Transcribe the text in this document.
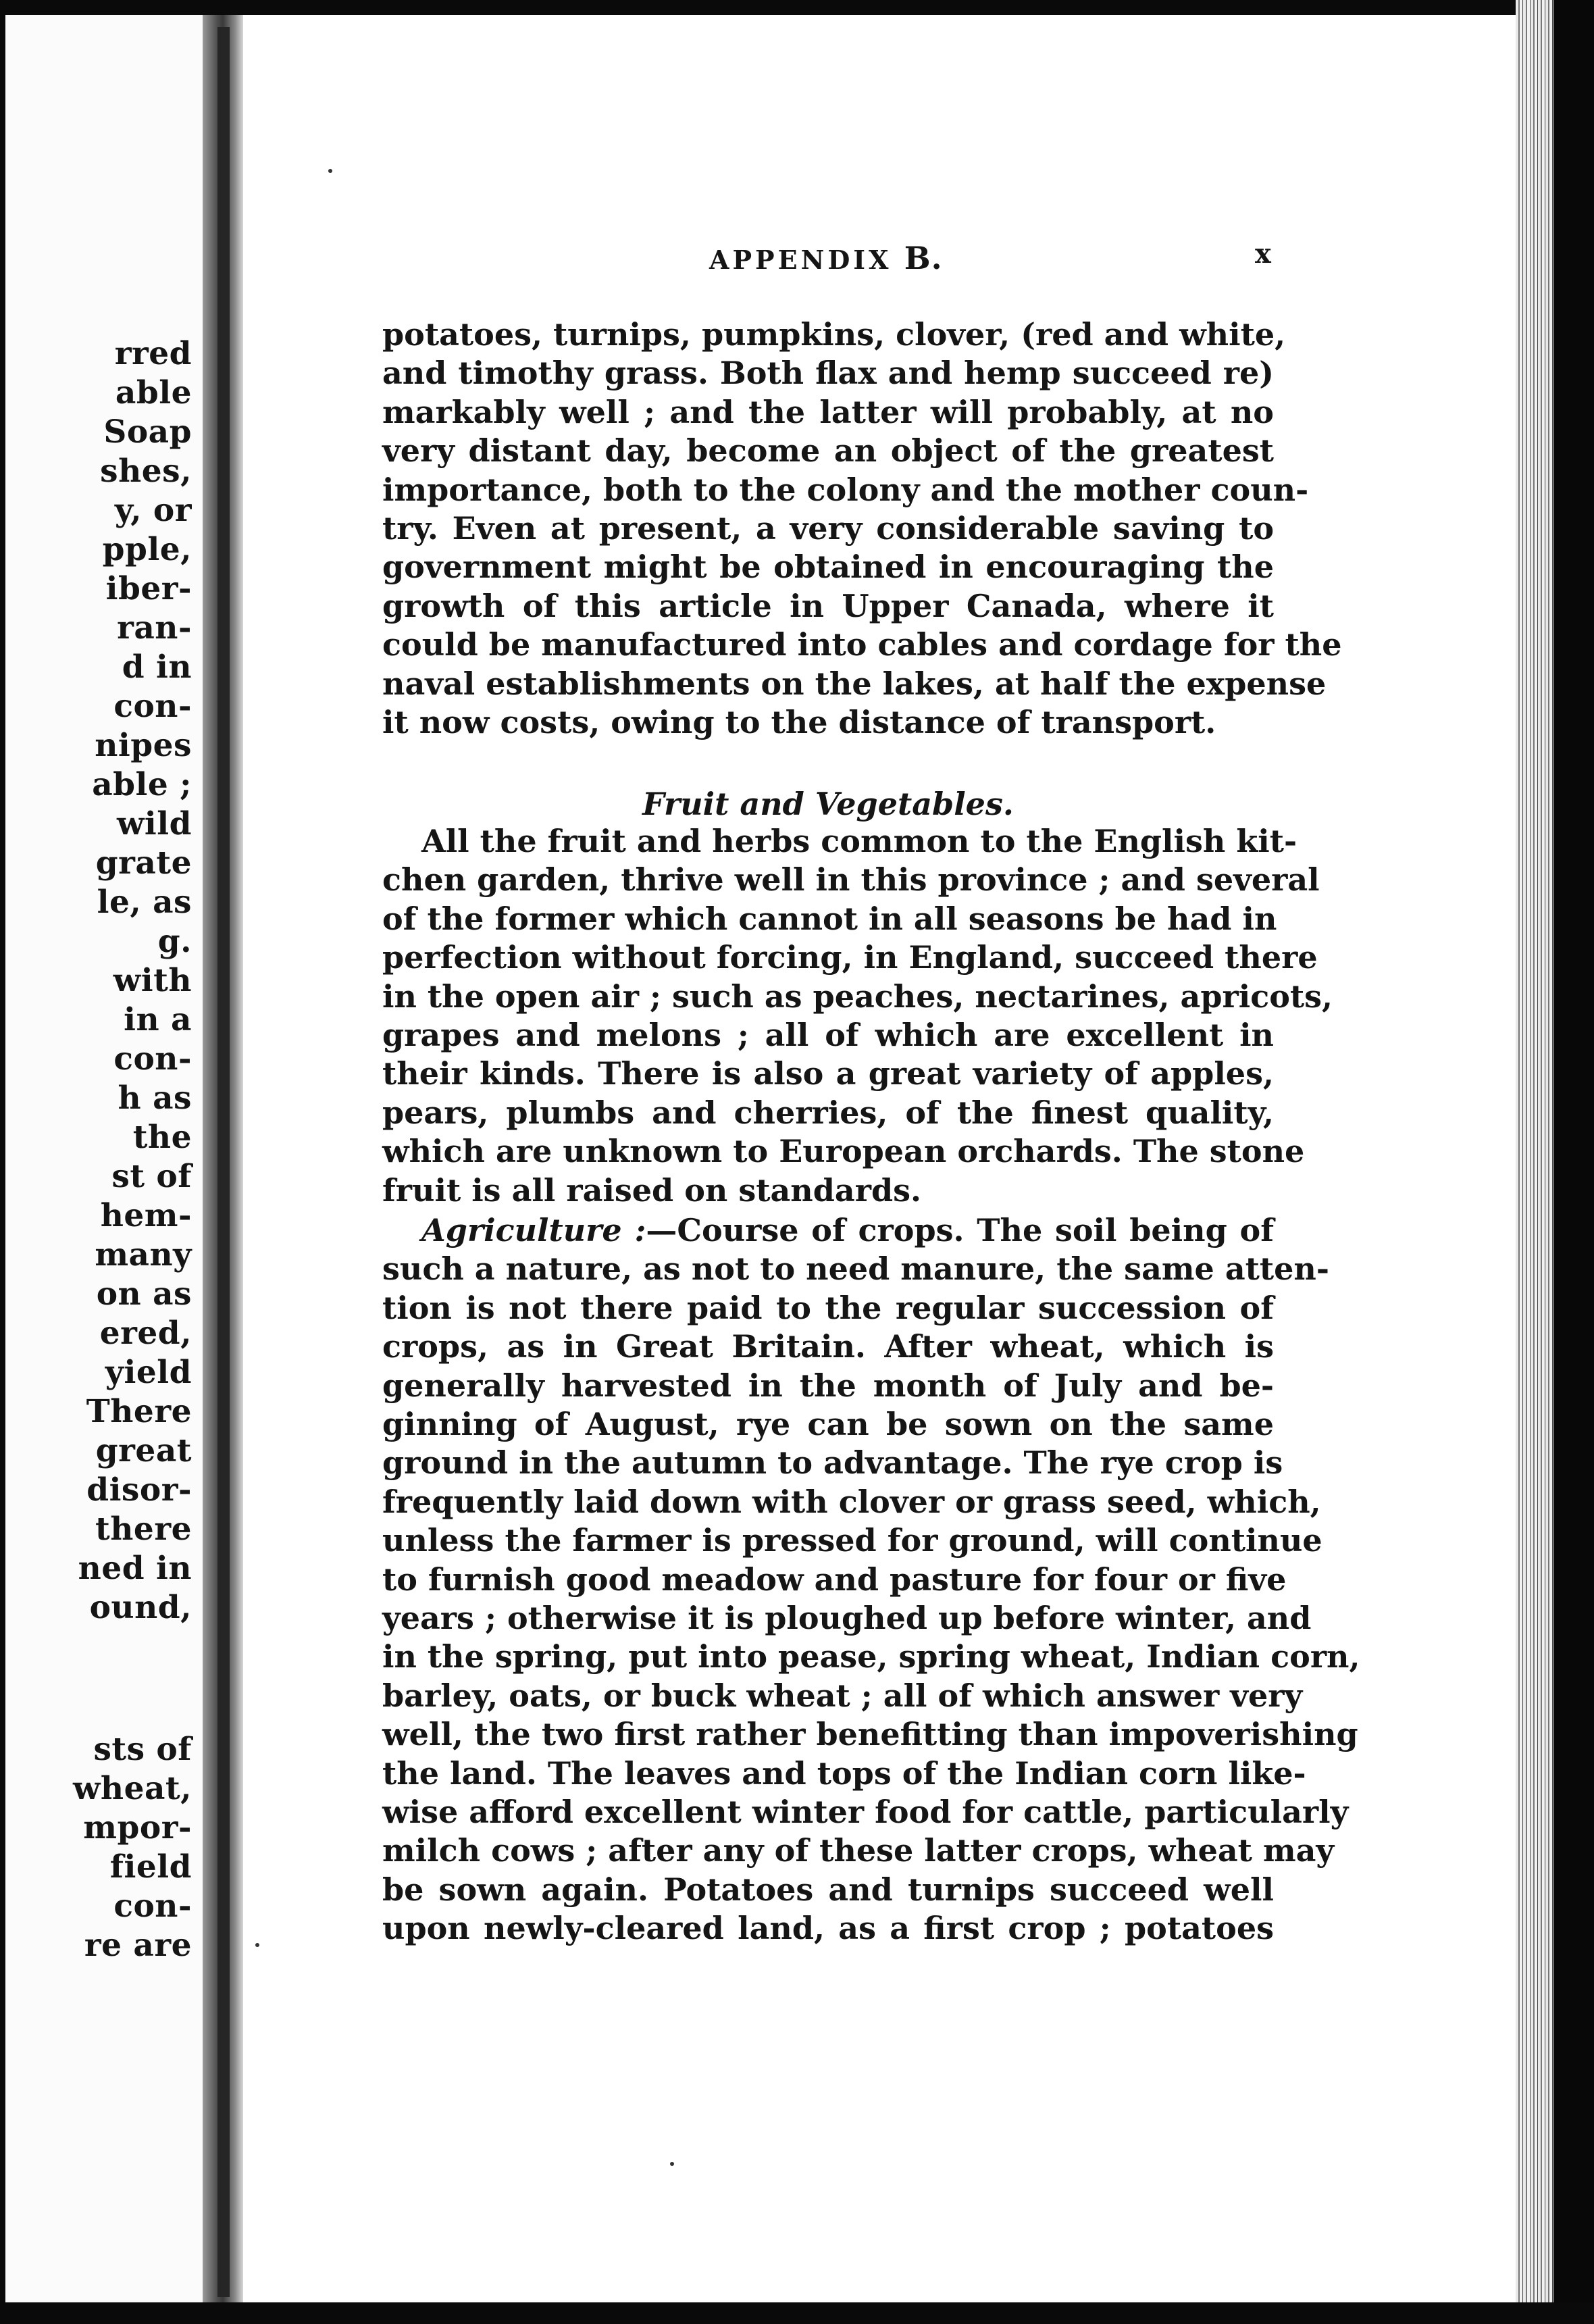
rred

able

Soap

shes,

y, or

pple,

iber-

ran-

d in

con-

nipes

able ;

wild

grate

le, as

g.

with

in a

con-

h as

the

st of

hem-

many

on as

ered,

yield

There

great

disor-

there

ned in

ound,

sts of

wheat,

mpor-

field

con-

re are

APPENDIX B.	x

potatoes, turnips, pumpkins, clover, (red and white,

and timothy grass. Both flax and hemp succeed re)

markably well ; and the latter will probably, at no

very distant day, become an object of the greatest

importance, both to the colony and the mother coun-

try. Even at present, a very considerable saving to

government might be obtained in encouraging the

growth of this article in Upper Canada, where it

could be manufactured into cables and cordage for the

naval establishments on the lakes, at half the expense

it now costs, owing to the distance of transport.

Fruit and Vegetables.

All the fruit and herbs common to the English kit-

chen garden, thrive well in this province ; and several

of the former which cannot in all seasons be had in

perfection without forcing, in England, succeed there

in the open air ; such as peaches, nectarines, apricots,

grapes and melons ; all of which are excellent in

their kinds. There is also a great variety of apples,

pears, plumbs and cherries, of the finest quality,

which are unknown to European orchards. The stone

fruit is all raised on standards.

Agriculture :—Course of crops. The soil being of

such a nature, as not to need manure, the same atten-

tion is not there paid to the regular succession of

crops, as in Great Britain. After wheat, which is

generally harvested in the month of July and be-

ginning of August, rye can be sown on the same

ground in the autumn to advantage. The rye crop is

frequently laid down with clover or grass seed, which,

unless the farmer is pressed for ground, will continue

to furnish good meadow and pasture for four or five

years ; otherwise it is ploughed up before winter, and

in the spring, put into pease, spring wheat, Indian corn,

barley, oats, or buck wheat ; all of which answer very

well, the two first rather benefitting than impoverishing

the land. The leaves and tops of the Indian corn like-

wise afford excellent winter food for cattle, particularly

milch cows ; after any of these latter crops, wheat may

be sown again. Potatoes and turnips succeed well

upon newly-cleared land, as a first crop ; potatoes
